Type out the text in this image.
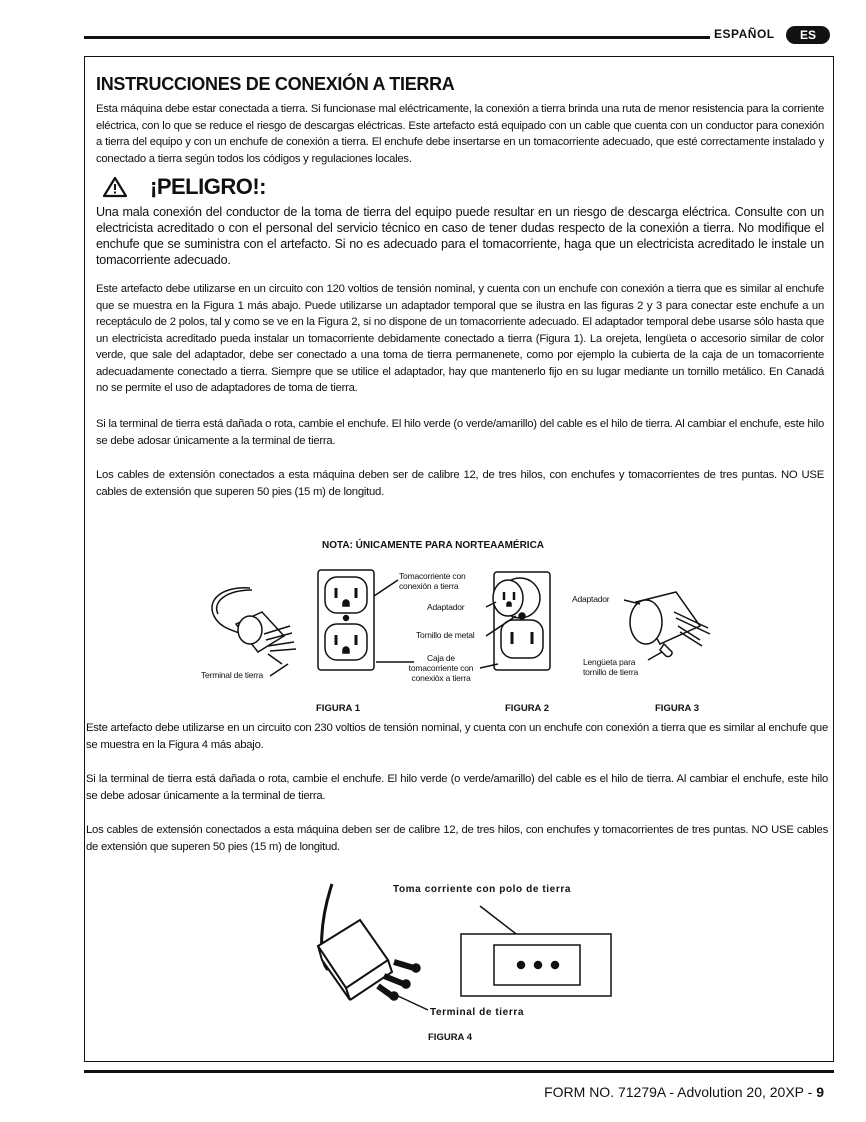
ESPAÑOL	ES
INSTRUCCIONES DE CONEXIÓN A TIERRA

Esta máquina debe estar conectada a tierra. Si funcionase mal eléctricamente, la conexión a tierra brinda una ruta de menor resistencia para la corriente eléctrica, con lo que se reduce el riesgo de descargas eléctricas. Este artefacto está equipado con un cable que cuenta con un conductor para conexión a tierra del equipo y con un enchufe de conexión a tierra. El enchufe debe insertarse en un tomacorriente adecuado, que esté correctamente instalado y conectado a tierra según todos los códigos y regulaciones locales.

¡PELIGRO!:

Una mala conexión del conductor de la toma de tierra del equipo puede resultar en un riesgo de descarga eléctrica. Consulte con un electricista acreditado o con el personal del servicio técnico en caso de tener dudas respecto de la conexión a tierra. No modifique el enchufe que se suministra con el artefacto. Si no es adecuado para el tomacorriente, haga que un electricista acreditado le instale un tomacorriente adecuado.

Este artefacto debe utilizarse en un circuito con 120 voltios de tensión nominal, y cuenta con un enchufe con conexión a tierra que es similar al enchufe que se muestra en la Figura 1 más abajo. Puede utilizarse un adaptador temporal que se ilustra en las figuras 2 y 3 para conectar este enchufe a un receptáculo de 2 polos, tal y como se ve en la Figura 2, si no dispone de un tomacorriente adecuado. El adaptador temporal debe usarse sólo hasta que un electricista acreditado pueda instalar un tomacorriente debidamente conectado a tierra (Figura 1). La orejeta, lengüeta o accesorio similar de color verde, que sale del adaptador, debe ser conectado a una toma de tierra permanenete, como por ejemplo la cubierta de la caja de un tomacorriente adecuadamente conectado a tierra. Siempre que se utilice el adaptador, hay que mantenerlo fijo en su lugar mediante un tornillo metálico. En Canadá no se permite el uso de adaptadores de toma de tierra.

Si la terminal de tierra está dañada o rota, cambie el enchufe. El hilo verde (o verde/amarillo) del cable es el hilo de tierra. Al cambiar el enchufe, este hilo se debe adosar únicamente a la terminal de tierra.

Los cables de extensión conectados a esta máquina deben ser de calibre 12, de tres hilos, con enchufes y tomacorrientes de tres puntas. NO USE cables de extensión que superen 50 pies (15 m) de longitud.

NOTA: ÚNICAMENTE PARA NORTEAAMÉRICA
Terminal de tierra
Tomacorriente con conexión a tierra
Adaptador
Tornillo de metal
Caja de tomacorriente con conexiòx a tierra
Adaptador
Lengüeta para tornillo de tierra
FIGURA 1	FIGURA 2	FIGURA 3

Este artefacto debe utilizarse en un circuito con 230 voltios de tensión nominal, y cuenta con un enchufe con conexión a tierra que es similar al enchufe que se muestra en la Figura 4 más abajo.

Si la terminal de tierra está dañada o rota, cambie el enchufe. El hilo verde (o verde/amarillo) del cable es el hilo de tierra. Al cambiar el enchufe, este hilo se debe adosar únicamente a la terminal de tierra.

Los cables de extensión conectados a esta máquina deben ser de calibre 12, de tres hilos, con enchufes y tomacorrientes de tres puntas. NO USE cables de extensión que superen 50 pies (15 m) de longitud.

Toma corriente con polo de tierra
Terminal de tierra
FIGURA 4
FORM NO. 71279A - Advolution 20, 20XP - 9
